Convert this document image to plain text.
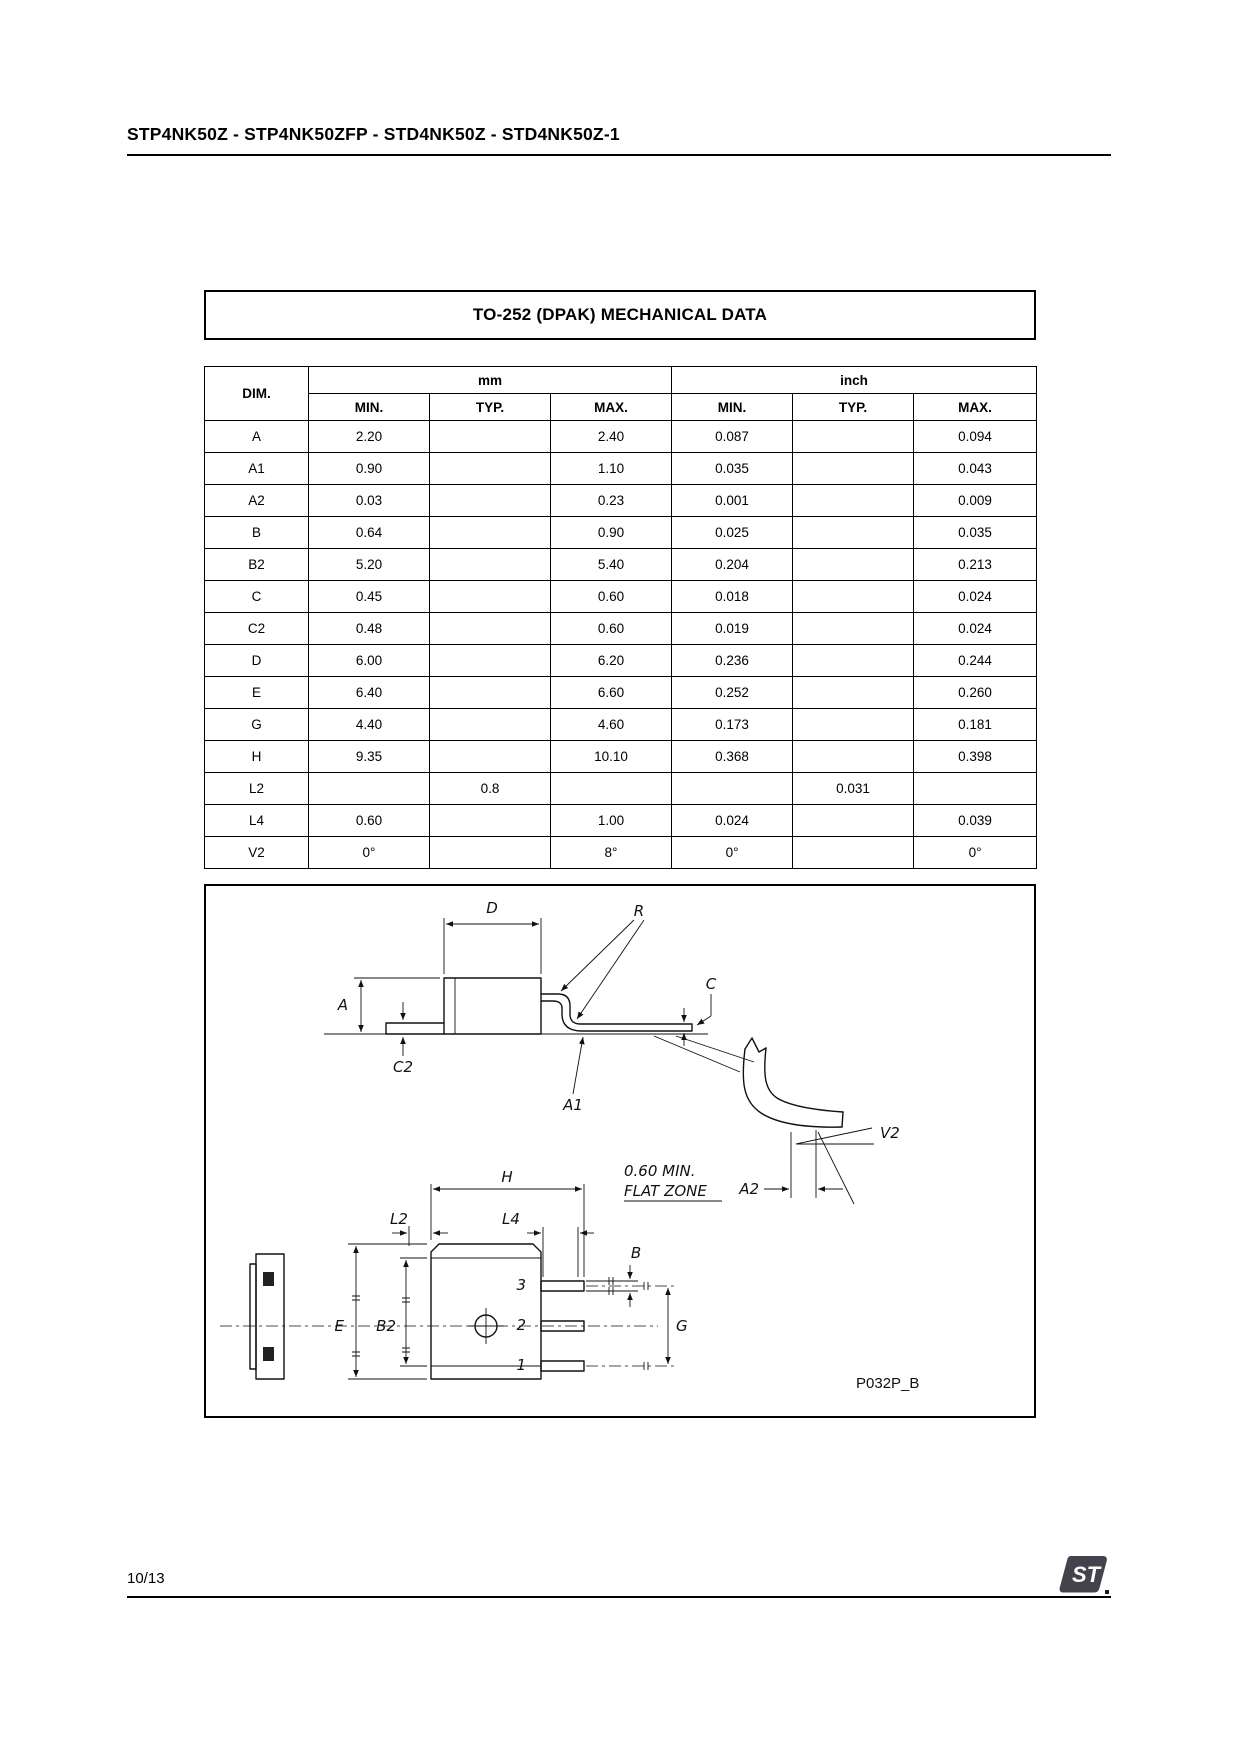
STP4NK50Z - STP4NK50ZFP - STD4NK50Z - STD4NK50Z-1
TO-252 (DPAK) MECHANICAL DATA
DIM.	mm			inch		
	MIN.	TYP.	MAX.	MIN.	TYP.	MAX.
A	2.20		2.40	0.087		0.094
A1	0.90		1.10	0.035		0.043
A2	0.03		0.23	0.001		0.009
B	0.64		0.90	0.025		0.035
B2	5.20		5.40	0.204		0.213
C	0.45		0.60	0.018		0.024
C2	0.48		0.60	0.019		0.024
D	6.00		6.20	0.236		0.244
E	6.40		6.60	0.252		0.260
G	4.40		4.60	0.173		0.181
H	9.35		10.10	0.368		0.398
L2		0.8			0.031	
L4	0.60		1.00	0.024		0.039
V2	0°		8°	0°		0°
D
A
C2
C
R
A1
V2
A2
0.60 MIN.
FLAT ZONE
3
2
1
H
L2	L4
B
G
E B2
P032P_B
10/13	ST
